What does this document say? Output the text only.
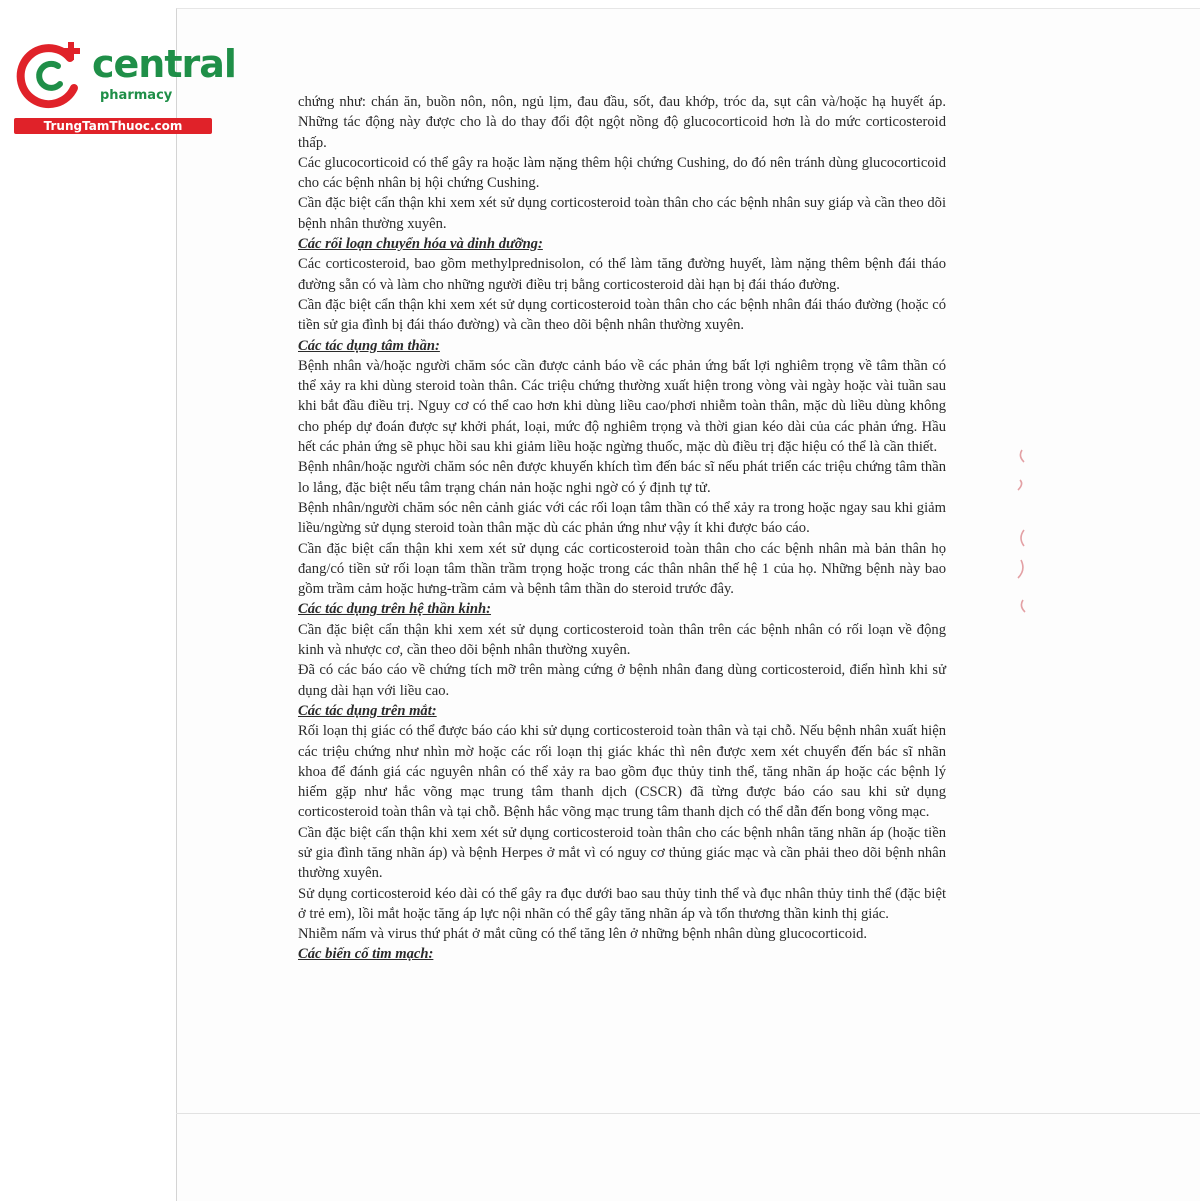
central
pharmacy
TrungTamThuoc.com

chứng như: chán ăn, buồn nôn, nôn, ngủ lịm, đau đầu, sốt, đau khớp, tróc da, sụt cân và/hoặc hạ huyết áp. Những tác động này được cho là do thay đổi đột ngột nồng độ glucocorticoid hơn là do mức corticosteroid thấp.

Các glucocorticoid có thể gây ra hoặc làm nặng thêm hội chứng Cushing, do đó nên tránh dùng glucocorticoid cho các bệnh nhân bị hội chứng Cushing.

Cần đặc biệt cẩn thận khi xem xét sử dụng corticosteroid toàn thân cho các bệnh nhân suy giáp và cần theo dõi bệnh nhân thường xuyên.

Các rối loạn chuyển hóa và dinh dưỡng:

Các corticosteroid, bao gồm methylprednisolon, có thể làm tăng đường huyết, làm nặng thêm bệnh đái tháo đường sẵn có và làm cho những người điều trị bằng corticosteroid dài hạn bị đái tháo đường.

Cần đặc biệt cẩn thận khi xem xét sử dụng corticosteroid toàn thân cho các bệnh nhân đái tháo đường (hoặc có tiền sử gia đình bị đái tháo đường) và cần theo dõi bệnh nhân thường xuyên.

Các tác dụng tâm thần:

Bệnh nhân và/hoặc người chăm sóc cần được cảnh báo về các phản ứng bất lợi nghiêm trọng về tâm thần có thể xảy ra khi dùng steroid toàn thân. Các triệu chứng thường xuất hiện trong vòng vài ngày hoặc vài tuần sau khi bắt đầu điều trị. Nguy cơ có thể cao hơn khi dùng liều cao/phơi nhiễm toàn thân, mặc dù liều dùng không cho phép dự đoán được sự khởi phát, loại, mức độ nghiêm trọng và thời gian kéo dài của các phản ứng. Hầu hết các phản ứng sẽ phục hồi sau khi giảm liều hoặc ngừng thuốc, mặc dù điều trị đặc hiệu có thể là cần thiết.

Bệnh nhân/hoặc người chăm sóc nên được khuyến khích tìm đến bác sĩ nếu phát triển các triệu chứng tâm thần lo lắng, đặc biệt nếu tâm trạng chán nản hoặc nghi ngờ có ý định tự tử.

Bệnh nhân/người chăm sóc nên cảnh giác với các rối loạn tâm thần có thể xảy ra trong hoặc ngay sau khi giảm liều/ngừng sử dụng steroid toàn thân mặc dù các phản ứng như vậy ít khi được báo cáo.

Cần đặc biệt cẩn thận khi xem xét sử dụng các corticosteroid toàn thân cho các bệnh nhân mà bản thân họ đang/có tiền sử rối loạn tâm thần trầm trọng hoặc trong các thân nhân thế hệ 1 của họ. Những bệnh này bao gồm trầm cảm hoặc hưng-trầm cảm và bệnh tâm thần do steroid trước đây.

Các tác dụng trên hệ thần kinh:

Cần đặc biệt cẩn thận khi xem xét sử dụng corticosteroid toàn thân trên các bệnh nhân có rối loạn về động kinh và nhược cơ, cần theo dõi bệnh nhân thường xuyên.

Đã có các báo cáo về chứng tích mỡ trên màng cứng ở bệnh nhân đang dùng corticosteroid, điển hình khi sử dụng dài hạn với liều cao.

Các tác dụng trên mắt:

Rối loạn thị giác có thể được báo cáo khi sử dụng corticosteroid toàn thân và tại chỗ. Nếu bệnh nhân xuất hiện các triệu chứng như nhìn mờ hoặc các rối loạn thị giác khác thì nên được xem xét chuyển đến bác sĩ nhãn khoa để đánh giá các nguyên nhân có thể xảy ra bao gồm đục thủy tinh thể, tăng nhãn áp hoặc các bệnh lý hiếm gặp như hắc võng mạc trung tâm thanh dịch (CSCR) đã từng được báo cáo sau khi sử dụng corticosteroid toàn thân và tại chỗ. Bệnh hắc võng mạc trung tâm thanh dịch có thể dẫn đến bong võng mạc.

Cần đặc biệt cẩn thận khi xem xét sử dụng corticosteroid toàn thân cho các bệnh nhân tăng nhãn áp (hoặc tiền sử gia đình tăng nhãn áp) và bệnh Herpes ở mắt vì có nguy cơ thủng giác mạc và cần phải theo dõi bệnh nhân thường xuyên.

Sử dụng corticosteroid kéo dài có thể gây ra đục dưới bao sau thủy tinh thể và đục nhân thủy tinh thể (đặc biệt ở trẻ em), lồi mắt hoặc tăng áp lực nội nhãn có thể gây tăng nhãn áp và tổn thương thần kinh thị giác.

Nhiễm nấm và virus thứ phát ở mắt cũng có thể tăng lên ở những bệnh nhân dùng glucocorticoid.

Các biến cố tim mạch:
